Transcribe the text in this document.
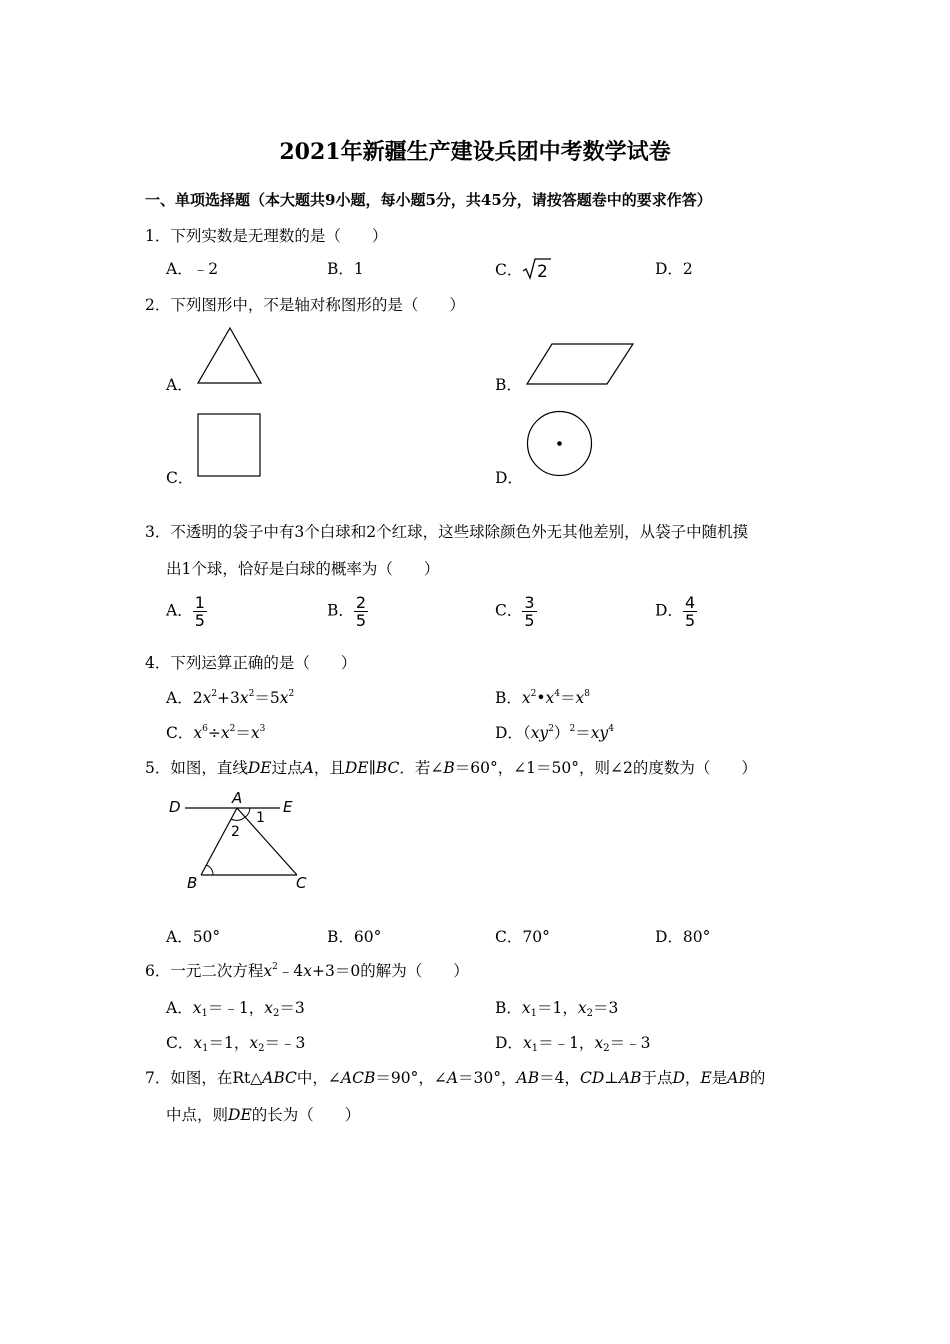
2021年新疆生产建设兵团中考数学试卷
一、单项选择题（本大题共9小题，每小题5分，共45分，请按答题卷中的要求作答）
1．下列实数是无理数的是（　　）
A．﹣2	B．1	C． 2	D．2
2．下列图形中，不是轴对称图形的是（　　）
A．	B．
C．	D．
3．不透明的袋子中有3个白球和2个红球，这些球除颜色外无其他差别，从袋子中随机摸
出1个球，恰好是白球的概率为（　　）
A． $\frac{1}{5}$	B． $\frac{2}{5}$	C． $\frac{3}{5}$	D． $\frac{4}{5}$
4．下列运算正确的是（　　）
A．$2x^2+3x^2=5x^2$	B．$x^2•x^4=x^8$
C．$x^6\div x^2=x^3$	D．$(xy^2)^2=xy^4$
5．如图，直线DE过点A，且DE∥BC．若∠B＝60°，∠1＝50°，则∠2的度数为（　　）
D	A	E
1
2
B	C
A．50°	B．60°	C．70°	D．80°
6．一元二次方程$x^2﹣4x+3=0$的解为（　　）
A．$x_1=﹣1$，$x_2=3$	B．$x_1=1$，$x_2=3$
C．$x_1=1$，$x_2=﹣3$	D．$x_1=﹣1$，$x_2=﹣3$
7．如图，在Rt△ABC中，∠ACB＝90°，∠A＝30°，AB＝4，CD⊥AB于点D，E是AB的
中点，则DE的长为（　　）
